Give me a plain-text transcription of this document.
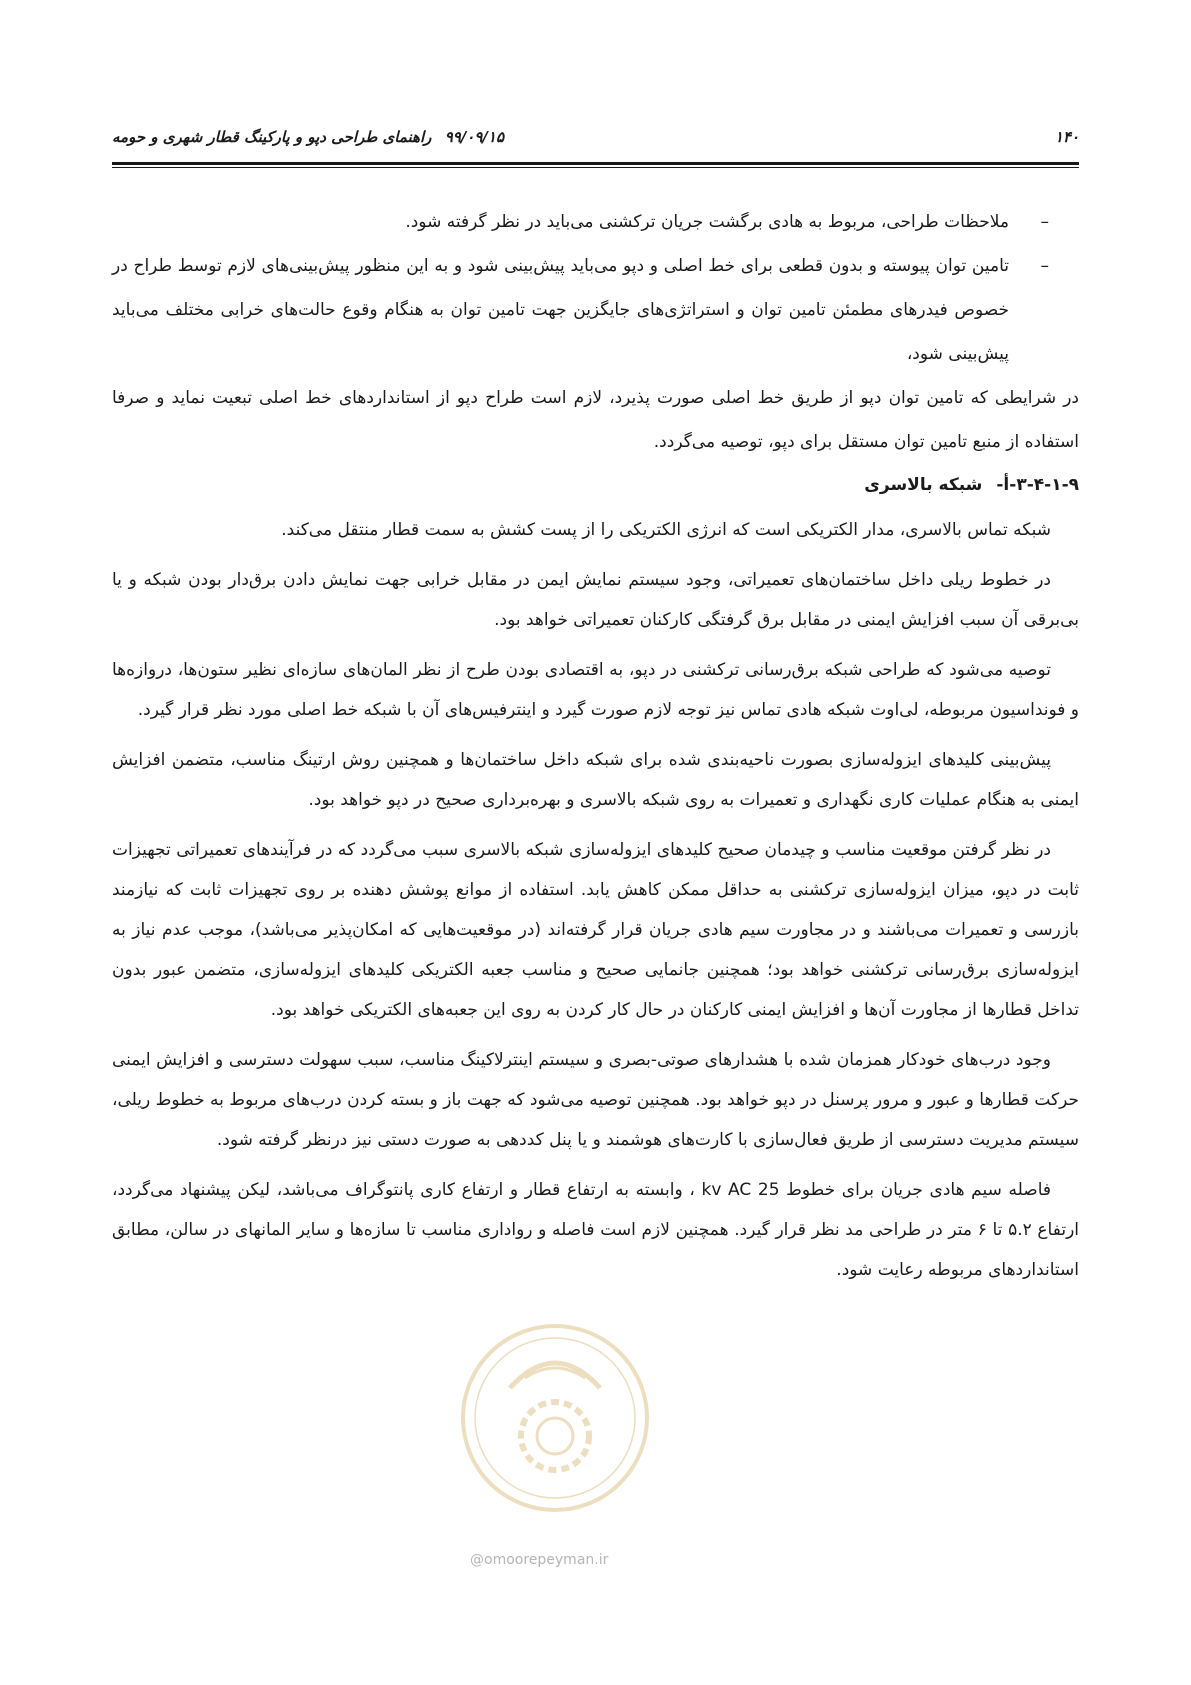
۱۴۰
۹۹/۰۹/۱۵
راهنمای طراحی دپو و پارکینگ قطار شهری و حومه
–
ملاحظات طراحی، مربوط به هادی برگشت جریان ترکشنی می‌باید در نظر گرفته شود.
–
تامین توان پیوسته و بدون قطعی برای خط اصلی و دپو می‌باید پیش‌بینی شود و به این منظور پیش‌بینی‌های لازم توسط طراح در خصوص فیدرهای مطمئن تامین توان و استراتژی‌های جایگزین جهت تامین توان به هنگام وقوع حالت‌های خرابی مختلف می‌باید پیش‌بینی شود،

در شرایطی که تامین توان دپو از طریق خط اصلی صورت پذیرد، لازم است طراح دپو از استانداردهای خط اصلی تبعیت نماید و صرفا استفاده از منبع تامین توان مستقل برای دپو، توصیه می‌گردد.

۳-۴-۱-۹-أ-شبکه بالاسری

شبکه تماس بالاسری، مدار الکتریکی است که انرژی الکتریکی را از پست کشش به سمت قطار منتقل می‌کند.

در خطوط ریلی داخل ساختمان‌های تعمیراتی، وجود سیستم نمایش ایمن در مقابل خرابی جهت نمایش دادن برق‌دار بودن شبکه و یا بی‌برقی آن سبب افزایش ایمنی در مقابل برق گرفتگی کارکنان تعمیراتی خواهد بود.

توصیه می‌شود که طراحی شبکه برق‌رسانی ترکشنی در دپو، به اقتصادی بودن طرح از نظر المان‌های سازه‌ای نظیر ستون‌ها، دروازه‌ها و فونداسیون مربوطه، لی‌اوت شبکه هادی تماس نیز توجه لازم صورت گیرد و اینترفیس‌های آن با شبکه خط اصلی مورد نظر قرار گیرد.

پیش‌بینی کلیدهای ایزوله‌سازی بصورت ناحیه‌بندی شده برای شبکه داخل ساختمان‌ها و همچنین روش ارتینگ مناسب، متضمن افزایش ایمنی به هنگام عملیات کاری نگهداری و تعمیرات به روی شبکه بالاسری و بهره‌برداری صحیح در دپو خواهد بود.

در نظر گرفتن موقعیت مناسب و چیدمان صحیح کلیدهای ایزوله‌سازی شبکه بالاسری سبب می‌گردد که در فرآیندهای تعمیراتی تجهیزات ثابت در دپو، میزان ایزوله‌سازی ترکشنی به حداقل ممکن کاهش یابد. استفاده از موانع پوشش دهنده بر روی تجهیزات ثابت که نیازمند بازرسی و تعمیرات می‌باشند و در مجاورت سیم هادی جریان قرار گرفته‌اند (در موقعیت‌هایی که امکان‌پذیر می‌باشد)، موجب عدم نیاز به ایزوله‌سازی برق‌رسانی ترکشنی خواهد بود؛ همچنین جانمایی صحیح و مناسب جعبه الکتریکی کلیدهای ایزوله‌سازی، متضمن عبور بدون تداخل قطارها از مجاورت آن‌ها و افزایش ایمنی کارکنان در حال کار کردن به روی این جعبه‌های الکتریکی خواهد بود.

وجود درب‌های خودکار همزمان شده با هشدارهای صوتی-بصری و سیستم اینترلاکینگ مناسب، سبب سهولت دسترسی و افزایش ایمنی حرکت قطارها و عبور و مرور پرسنل در دپو خواهد بود. همچنین توصیه می‌شود که جهت باز و بسته کردن درب‌های مربوط به خطوط ریلی، سیستم مدیریت دسترسی از طریق فعال‌سازی با کارت‌های هوشمند و یا پنل کددهی به صورت دستی نیز درنظر گرفته شود.

فاصله سیم هادی جریان برای خطوط 25 kv AC ، وابسته به ارتفاع قطار و ارتفاع کاری پانتوگراف می‌باشد، لیکن پیشنهاد می‌گردد، ارتفاع ۵.۲ تا ۶ متر در طراحی مد نظر قرار گیرد. همچنین لازم است فاصله و رواداری مناسب تا سازه‌ها و سایر المانهای در سالن، مطابق استانداردهای مربوطه رعایت شود.

@omoorepeyman.ir
